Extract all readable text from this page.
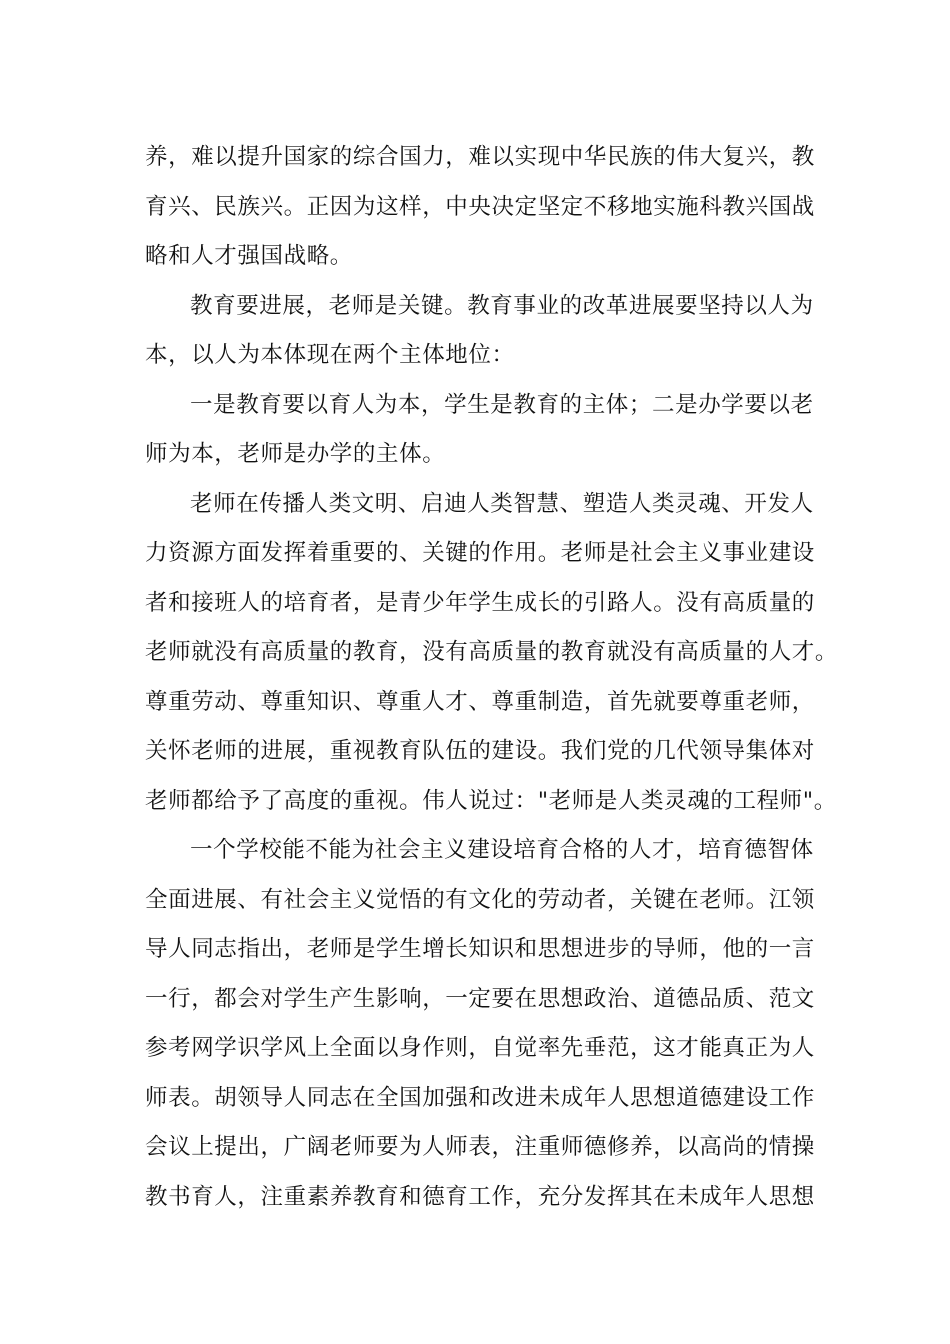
养，难以提升国家的综合国力，难以实现中华民族的伟大复兴，教
育兴、民族兴。正因为这样，中央决定坚定不移地实施科教兴国战
略和人才强国战略。
教育要进展，老师是关键。教育事业的改革进展要坚持以人为
本，以人为本体现在两个主体地位：
一是教育要以育人为本，学生是教育的主体；二是办学要以老
师为本，老师是办学的主体。
老师在传播人类文明、启迪人类智慧、塑造人类灵魂、开发人
力资源方面发挥着重要的、关键的作用。老师是社会主义事业建设
者和接班人的培育者，是青少年学生成长的引路人。没有高质量的
老师就没有高质量的教育，没有高质量的教育就没有高质量的人才。
尊重劳动、尊重知识、尊重人才、尊重制造，首先就要尊重老师，
关怀老师的进展，重视教育队伍的建设。我们党的几代领导集体对
老师都给予了高度的重视。伟人说过："老师是人类灵魂的工程师"。
一个学校能不能为社会主义建设培育合格的人才，培育德智体
全面进展、有社会主义觉悟的有文化的劳动者，关键在老师。江领
导人同志指出，老师是学生增长知识和思想进步的导师，他的一言
一行，都会对学生产生影响，一定要在思想政治、道德品质、范文
参考网学识学风上全面以身作则，自觉率先垂范，这才能真正为人
师表。胡领导人同志在全国加强和改进未成年人思想道德建设工作
会议上提出，广阔老师要为人师表，注重师德修养，以高尚的情操
教书育人，注重素养教育和德育工作，充分发挥其在未成年人思想
